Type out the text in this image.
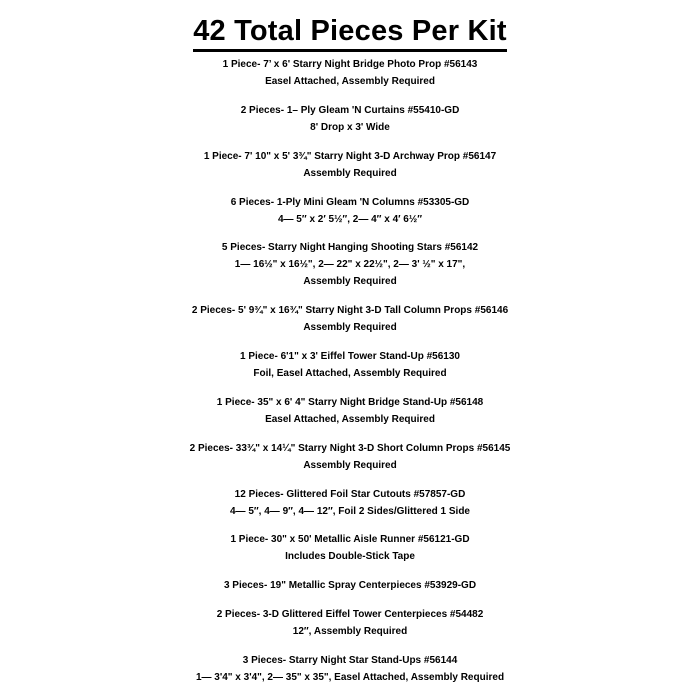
42 Total Pieces Per Kit
1 Piece- 7’ x 6' Starry Night Bridge Photo Prop #56143
Easel Attached, Assembly Required
2 Pieces- 1– Ply Gleam 'N Curtains #55410-GD
8' Drop x 3' Wide
1 Piece- 7' 10" x 5' 3¾" Starry Night 3-D Archway Prop #56147
Assembly Required
6 Pieces- 1-Ply Mini Gleam 'N Columns #53305-GD
4— 5″ x 2′ 5½″, 2— 4″ x 4′ 6½″
5 Pieces- Starry Night Hanging Shooting Stars #56142
1— 16½" x 16½", 2— 22" x 22½", 2— 3' ½" x 17",
Assembly Required
2 Pieces- 5' 9¾" x 16¾" Starry Night 3-D Tall Column Props #56146
Assembly Required
1 Piece- 6'1" x 3' Eiffel Tower Stand-Up #56130
Foil, Easel Attached, Assembly Required
1 Piece- 35" x 6' 4" Starry Night Bridge Stand-Up #56148
Easel Attached, Assembly Required
2 Pieces- 33¾" x 14¼" Starry Night 3-D Short Column Props #56145
Assembly Required
12 Pieces- Glittered Foil Star Cutouts #57857-GD
4— 5″, 4— 9″, 4— 12″, Foil 2 Sides/Glittered 1 Side
1 Piece- 30" x 50' Metallic Aisle Runner #56121-GD
Includes Double-Stick Tape
3 Pieces- 19" Metallic Spray Centerpieces #53929-GD
2 Pieces- 3-D Glittered Eiffel Tower Centerpieces #54482
12″, Assembly Required
3 Pieces- Starry Night Star Stand-Ups #56144
1— 3'4" x 3'4", 2— 35" x 35", Easel Attached, Assembly Required
